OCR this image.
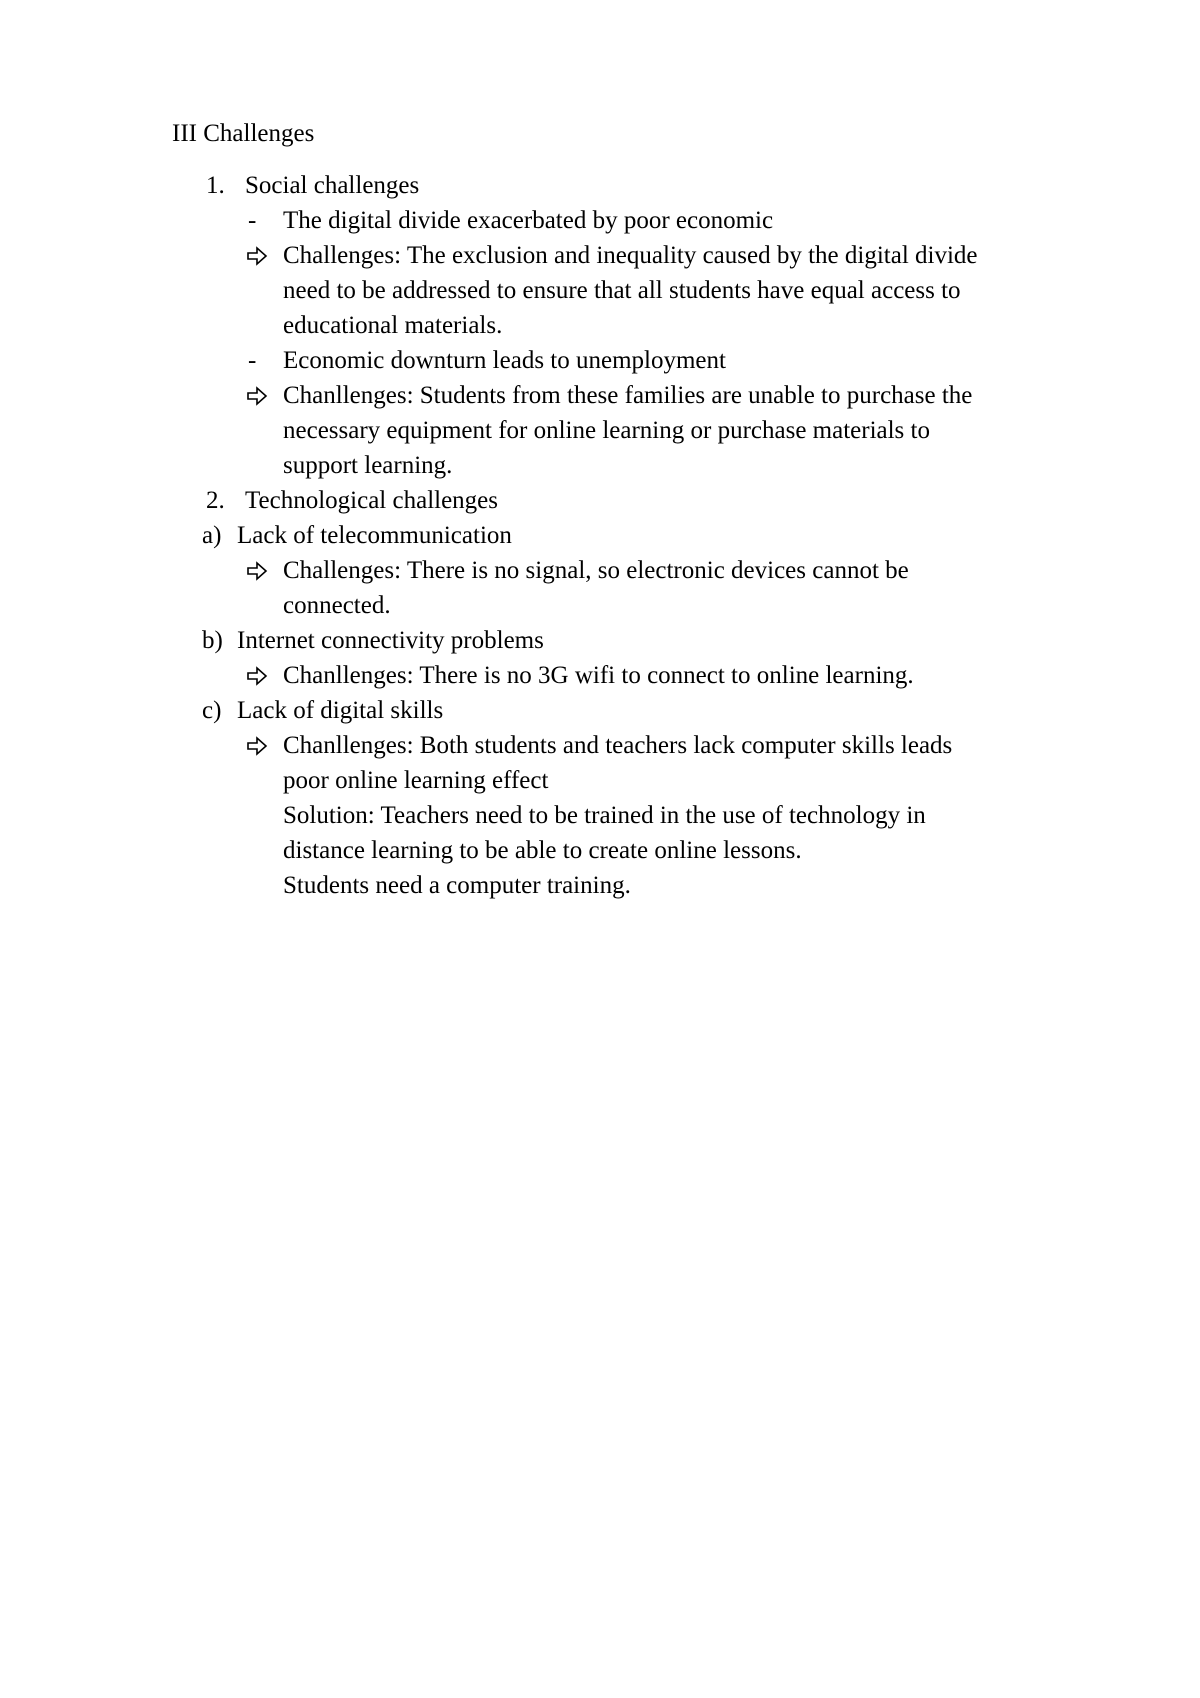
III Challenges
1. Social challenges
- The digital divide exacerbated by poor economic
Challenges: The exclusion and inequality caused by the digital divide
need to be addressed to ensure that all students have equal access to
educational materials.
- Economic downturn leads to unemployment
Chanllenges: Students from these families are unable to purchase the
necessary equipment for online learning or purchase materials to
support learning.
2. Technological challenges
a) Lack of telecommunication
Challenges: There is no signal, so electronic devices cannot be
connected.
b) Internet connectivity problems
Chanllenges: There is no 3G wifi to connect to online learning.
c) Lack of digital skills
Chanllenges: Both students and teachers lack computer skills leads
poor online learning effect
Solution: Teachers need to be trained in the use of technology in
distance learning to be able to create online lessons.
Students need a computer training.
